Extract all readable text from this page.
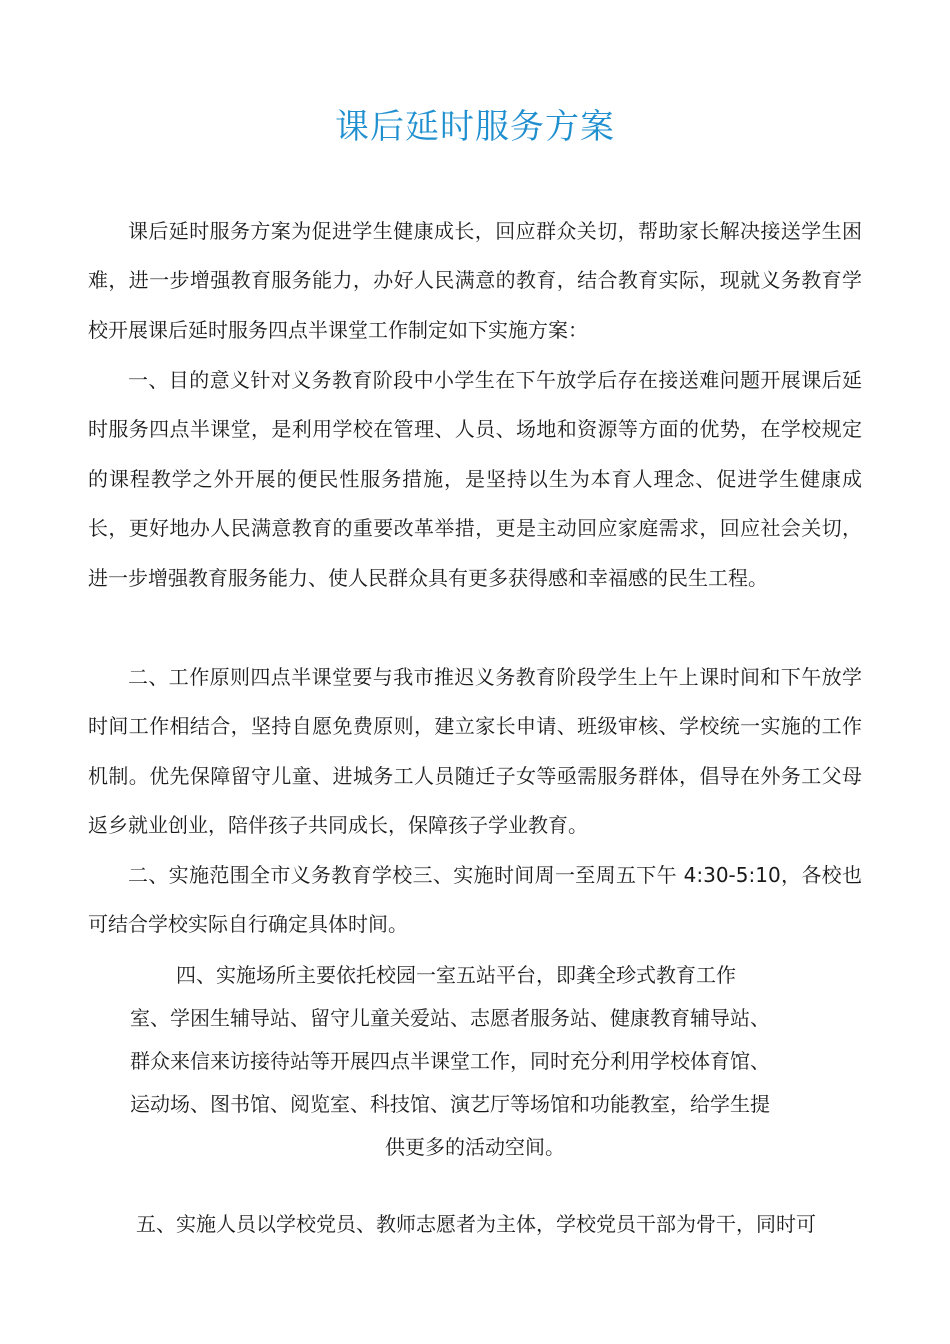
课后延时服务方案

课后延时服务方案为促进学生健康成长，回应群众关切，帮助家长解决接送学生困难，进一步增强教育服务能力，办好人民满意的教育，结合教育实际，现就义务教育学校开展课后延时服务四点半课堂工作制定如下实施方案：

一、目的意义针对义务教育阶段中小学生在下午放学后存在接送难问题开展课后延时服务四点半课堂，是利用学校在管理、人员、场地和资源等方面的优势，在学校规定的课程教学之外开展的便民性服务措施，是坚持以生为本育人理念、促进学生健康成长，更好地办人民满意教育的重要改革举措，更是主动回应家庭需求，回应社会关切，进一步增强教育服务能力、使人民群众具有更多获得感和幸福感的民生工程。

二、工作原则四点半课堂要与我市推迟义务教育阶段学生上午上课时间和下午放学时间工作相结合，坚持自愿免费原则，建立家长申请、班级审核、学校统一实施的工作机制。优先保障留守儿童、进城务工人员随迁子女等亟需服务群体，倡导在外务工父母返乡就业创业，陪伴孩子共同成长，保障孩子学业教育。

二、实施范围全市义务教育学校三、实施时间周一至周五下午 4:30-5:10，各校也可结合学校实际自行确定具体时间。

四、实施场所主要依托校园一室五站平台，即龚全珍式教育工作
室、学困生辅导站、留守儿童关爱站、志愿者服务站、健康教育辅导站、
群众来信来访接待站等开展四点半课堂工作，同时充分利用学校体育馆、
运动场、图书馆、阅览室、科技馆、演艺厅等场馆和功能教室，给学生提
供更多的活动空间。

五、实施人员以学校党员、教师志愿者为主体，学校党员干部为骨干，同时可
